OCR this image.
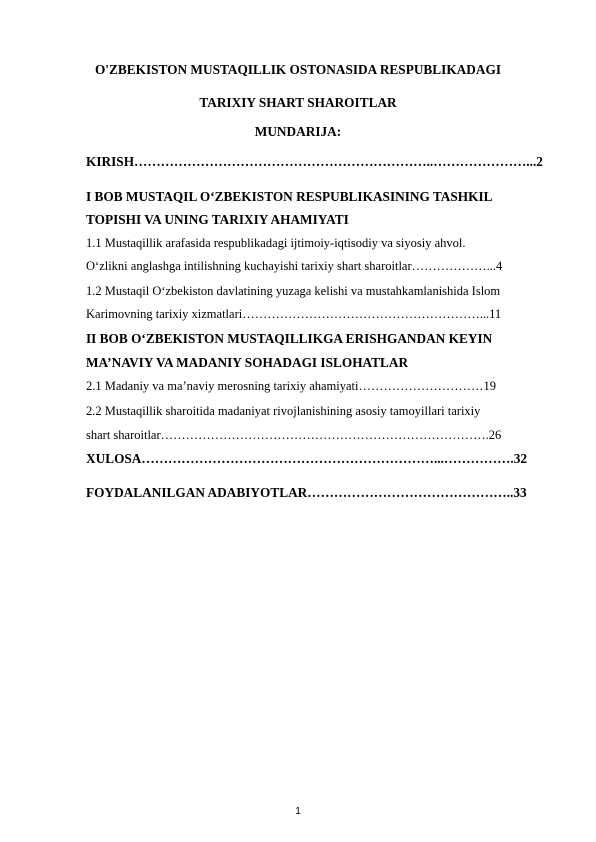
O'ZBEKISTON MUSTAQILLIK OSTONASIDA RESPUBLIKADAGI
TARIXIY SHART SHAROITLAR
MUNDARIJA:
KIRISH…………………………………………………………..…………………...2
I BOB MUSTAQIL O‘ZBEKISTON RESPUBLIKASINING TASHKIL
TOPISHI VA UNING TARIXIY AHAMIYATI
1.1 Mustaqillik arafasida respublikadagi ijtimoiy-iqtisodiy va siyosiy ahvol.
O‘zlikni anglashga intilishning kuchayishi tarixiy shart sharoitlar………………...4
1.2 Mustaqil O‘zbekiston davlatining yuzaga kelishi va mustahkamlanishida Islom
Karimovning tarixiy xizmatlari…………………………………………………...11
II BOB O‘ZBEKISTON MUSTAQILLIKGA ERISHGANDAN KEYIN
MA’NAVIY VA MADANIY SOHADAGI ISLOHATLAR
2.1 Madaniy va ma’naviy merosning tarixiy ahamiyati…………………………19
2.2 Mustaqillik sharoitida madaniyat rivojlanishining asosiy tamoyillari tarixiy
shart sharoitlar…………………………………………………………………….26
XULOSA…………………………………………………………...…………….32
FOYDALANILGAN ADABIYOTLAR………………………………………..33
1
